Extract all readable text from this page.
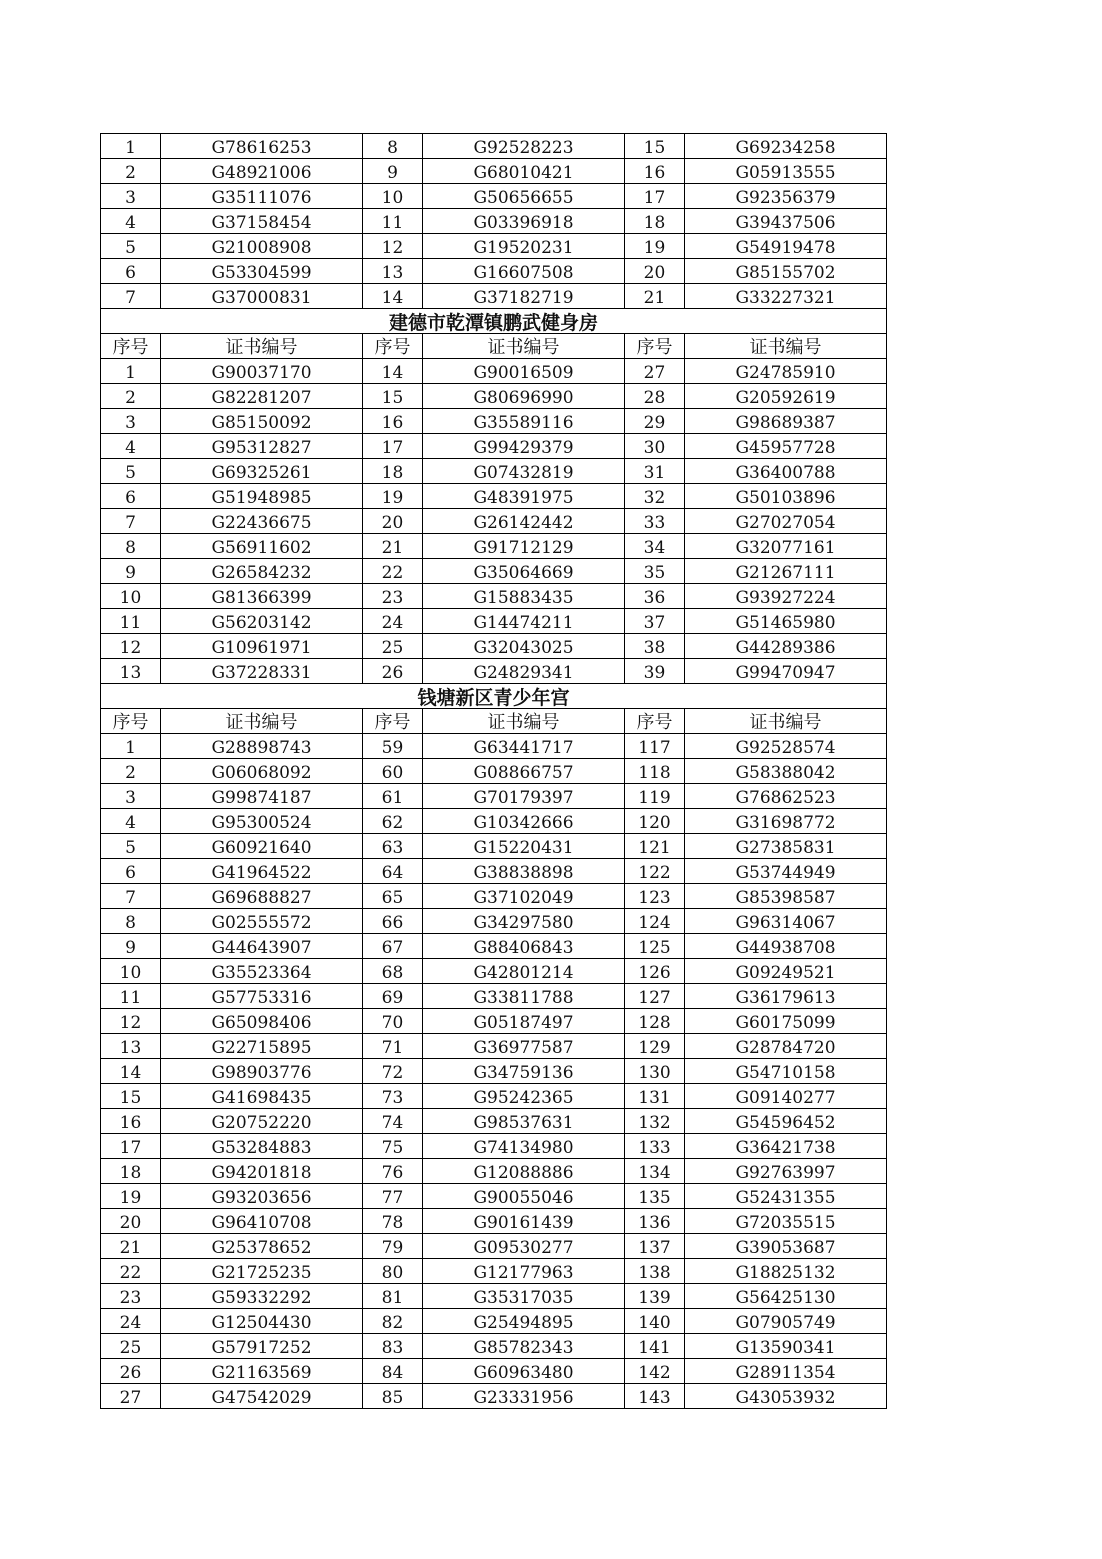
1	G78616253	8	G92528223	15	G69234258
2	G48921006	9	G68010421	16	G05913555
3	G35111076	10	G50656655	17	G92356379
4	G37158454	11	G03396918	18	G39437506
5	G21008908	12	G19520231	19	G54919478
6	G53304599	13	G16607508	20	G85155702
7	G37000831	14	G37182719	21	G33227321
建德市乾潭镇鹏武健身房					
序号	证书编号	序号	证书编号	序号	证书编号
1	G90037170	14	G90016509	27	G24785910
2	G82281207	15	G80696990	28	G20592619
3	G85150092	16	G35589116	29	G98689387
4	G95312827	17	G99429379	30	G45957728
5	G69325261	18	G07432819	31	G36400788
6	G51948985	19	G48391975	32	G50103896
7	G22436675	20	G26142442	33	G27027054
8	G56911602	21	G91712129	34	G32077161
9	G26584232	22	G35064669	35	G21267111
10	G81366399	23	G15883435	36	G93927224
11	G56203142	24	G14474211	37	G51465980
12	G10961971	25	G32043025	38	G44289386
13	G37228331	26	G24829341	39	G99470947
钱塘新区青少年宫					
序号	证书编号	序号	证书编号	序号	证书编号
1	G28898743	59	G63441717	117	G92528574
2	G06068092	60	G08866757	118	G58388042
3	G99874187	61	G70179397	119	G76862523
4	G95300524	62	G10342666	120	G31698772
5	G60921640	63	G15220431	121	G27385831
6	G41964522	64	G38838898	122	G53744949
7	G69688827	65	G37102049	123	G85398587
8	G02555572	66	G34297580	124	G96314067
9	G44643907	67	G88406843	125	G44938708
10	G35523364	68	G42801214	126	G09249521
11	G57753316	69	G33811788	127	G36179613
12	G65098406	70	G05187497	128	G60175099
13	G22715895	71	G36977587	129	G28784720
14	G98903776	72	G34759136	130	G54710158
15	G41698435	73	G95242365	131	G09140277
16	G20752220	74	G98537631	132	G54596452
17	G53284883	75	G74134980	133	G36421738
18	G94201818	76	G12088886	134	G92763997
19	G93203656	77	G90055046	135	G52431355
20	G96410708	78	G90161439	136	G72035515
21	G25378652	79	G09530277	137	G39053687
22	G21725235	80	G12177963	138	G18825132
23	G59332292	81	G35317035	139	G56425130
24	G12504430	82	G25494895	140	G07905749
25	G57917252	83	G85782343	141	G13590341
26	G21163569	84	G60963480	142	G28911354
27	G47542029	85	G23331956	143	G43053932
